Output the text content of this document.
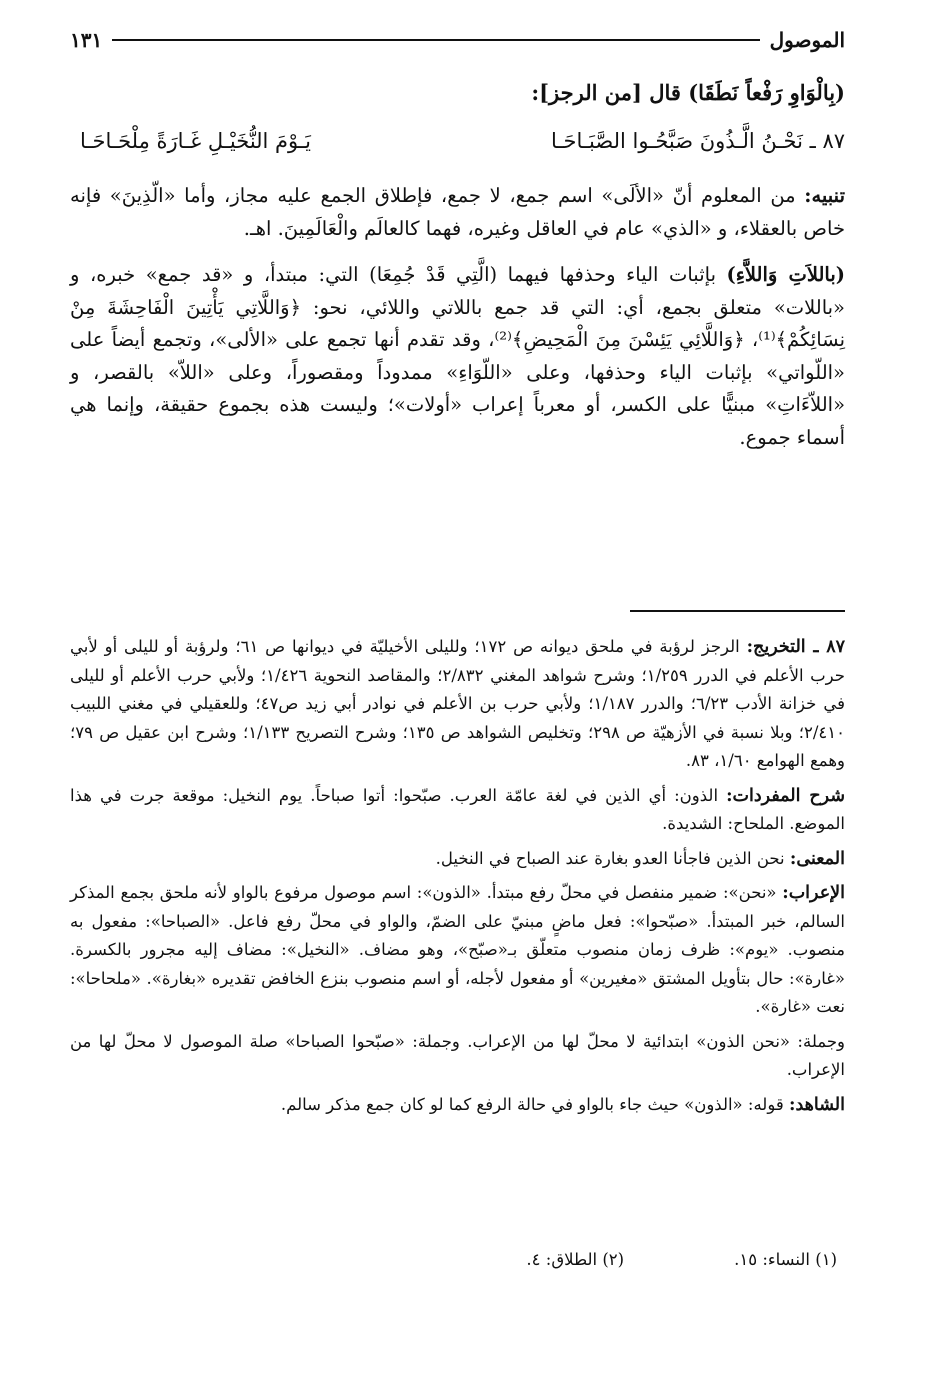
الموصول
١٣١
(بِالْوَاوِ رَفْعاً نَطَقَا) قال [من الرجز]:
٨٧ ـ نَحْـنُ الَّـذُونَ صَبَّحُـوا الصَّبَـاحَـا
يَـوْمَ النُّخَيْـلِ غَـارَةً مِلْحَـاحَـا
تنبيه: من المعلوم أنّ «الألَى» اسم جمع، لا جمع، فإطلاق الجمع عليه مجاز، وأما «الّذِينَ» فإنه خاص بالعقلاء، و «الذي» عام في العاقل وغيره، فهما كالعالَم والْعَالَمِينَ. اهـ.
(باللاَتِ وَاللاَّءِ) بإثبات الياء وحذفها فيهما (الَّتِي قَدْ جُمِعَا) التي: مبتدأ، و «قد جمع» خبره، و «باللات» متعلق بجمع، أي: التي قد جمع باللاتي واللائي، نحو: ﴿وَاللَّاتِي يَأْتِينَ الْفَاحِشَةَ مِنْ نِسَائِكُمْ﴾⁽¹⁾، ﴿وَاللَّائِي يَئِسْنَ مِنَ الْمَحِيضِ﴾⁽²⁾، وقد تقدم أنها تجمع على «الألى»، وتجمع أيضاً على «اللّواتي» بإثبات الياء وحذفها، وعلى «اللّوَاءِ» ممدوداً ومقصوراً، وعلى «اللاّ» بالقصر، و «اللاّءَاتِ» مبنيًّا على الكسر، أو معرباً إعراب «أولات»؛ وليست هذه بجموع حقيقة، وإنما هي أسماء جموع.
٨٧ ـ التخريج: الرجز لرؤبة في ملحق ديوانه ص ١٧٢؛ ولليلى الأخيليّة في ديوانها ص ٦١؛ ولرؤبة أو لليلى أو لأبي حرب الأعلم في الدرر ١/٢٥٩؛ وشرح شواهد المغني ٢/٨٣٢؛ والمقاصد النحوية ١/٤٢٦؛ ولأبي حرب الأعلم أو لليلى في خزانة الأدب ٦/٢٣؛ والدرر ١/١٨٧؛ ولأبي حرب بن الأعلم في نوادر أبي زيد ص٤٧؛ وللعقيلي في مغني اللبيب ٢/٤١٠؛ وبلا نسبة في الأزهيّة ص ٢٩٨؛ وتخليص الشواهد ص ١٣٥؛ وشرح التصريح ١/١٣٣؛ وشرح ابن عقيل ص ٧٩؛ وهمع الهوامع ١/٦٠، ٨٣.
شرح المفردات: الذون: أي الذين في لغة عامّة العرب. صبّحوا: أتوا صباحاً. يوم النخيل: موقعة جرت في هذا الموضع. الملحاح: الشديدة.
المعنى: نحن الذين فاجأنا العدو بغارة عند الصباح في النخيل.
الإعراب: «نحن»: ضمير منفصل في محلّ رفع مبتدأ. «الذون»: اسم موصول مرفوع بالواو لأنه ملحق بجمع المذكر السالم، خبر المبتدأ. «صبّحوا»: فعل ماضٍ مبنيّ على الضمّ، والواو في محلّ رفع فاعل. «الصباحا»: مفعول به منصوب. «يوم»: ظرف زمان منصوب متعلّق بـ«صبّح»، وهو مضاف. «النخيل»: مضاف إليه مجرور بالكسرة. «غارة»: حال بتأويل المشتق «مغيرين» أو مفعول لأجله، أو اسم منصوب بنزع الخافض تقديره «بغارة». «ملحاحا»: نعت «غارة».
وجملة: «نحن الذون» ابتدائية لا محلّ لها من الإعراب. وجملة: «صبّحوا الصباحا» صلة الموصول لا محلّ لها من الإعراب.
الشاهد: قوله: «الذون» حيث جاء بالواو في حالة الرفع كما لو كان جمع مذكر سالم.
(١) النساء: ١٥.
(٢) الطلاق: ٤.
